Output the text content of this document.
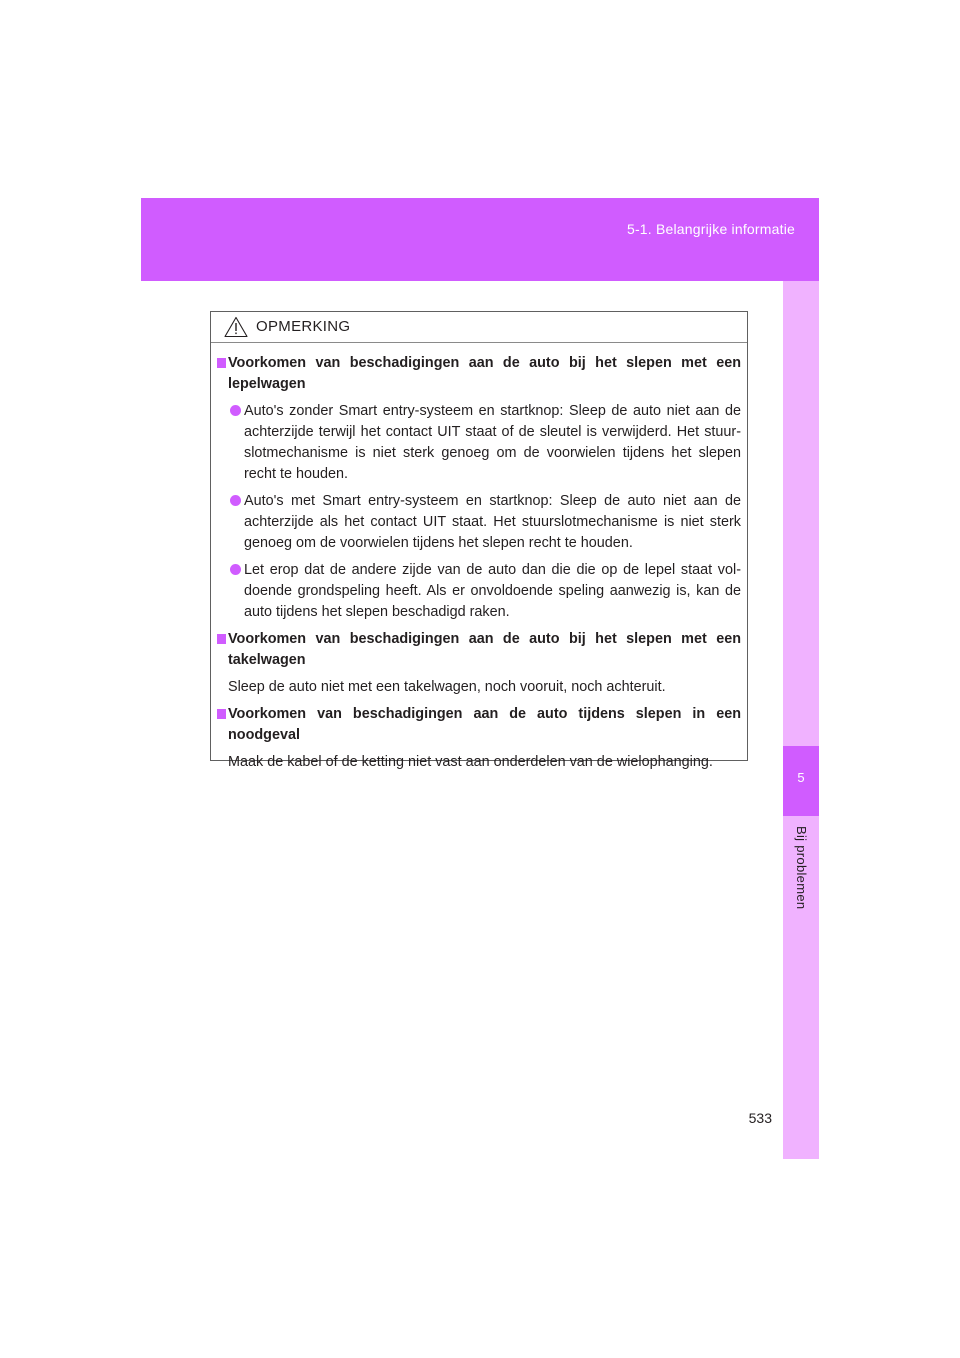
5-1. Belangrijke informatie
5
Bij problemen
OPMERKING
Voorkomen van beschadigingen aan de auto bij het slepen met een lepelwagen
Auto's zonder Smart entry-systeem en startknop: Sleep de auto niet aan de achterzijde terwijl het contact UIT staat of de sleutel is verwijderd. Het stuur-slotmechanisme is niet sterk genoeg om de voorwielen tijdens het slepen recht te houden.
Auto's met Smart entry-systeem en startknop: Sleep de auto niet aan de achterzijde als het contact UIT staat. Het stuurslotmechanisme is niet sterk genoeg om de voorwielen tijdens het slepen recht te houden.
Let erop dat de andere zijde van de auto dan die die op de lepel staat vol-doende grondspeling heeft. Als er onvoldoende speling aanwezig is, kan de auto tijdens het slepen beschadigd raken.
Voorkomen van beschadigingen aan de auto bij het slepen met een takelwagen
Sleep de auto niet met een takelwagen, noch vooruit, noch achteruit.
Voorkomen van beschadigingen aan de auto tijdens slepen in een noodgeval
Maak de kabel of de ketting niet vast aan onderdelen van de wielophanging.
533
